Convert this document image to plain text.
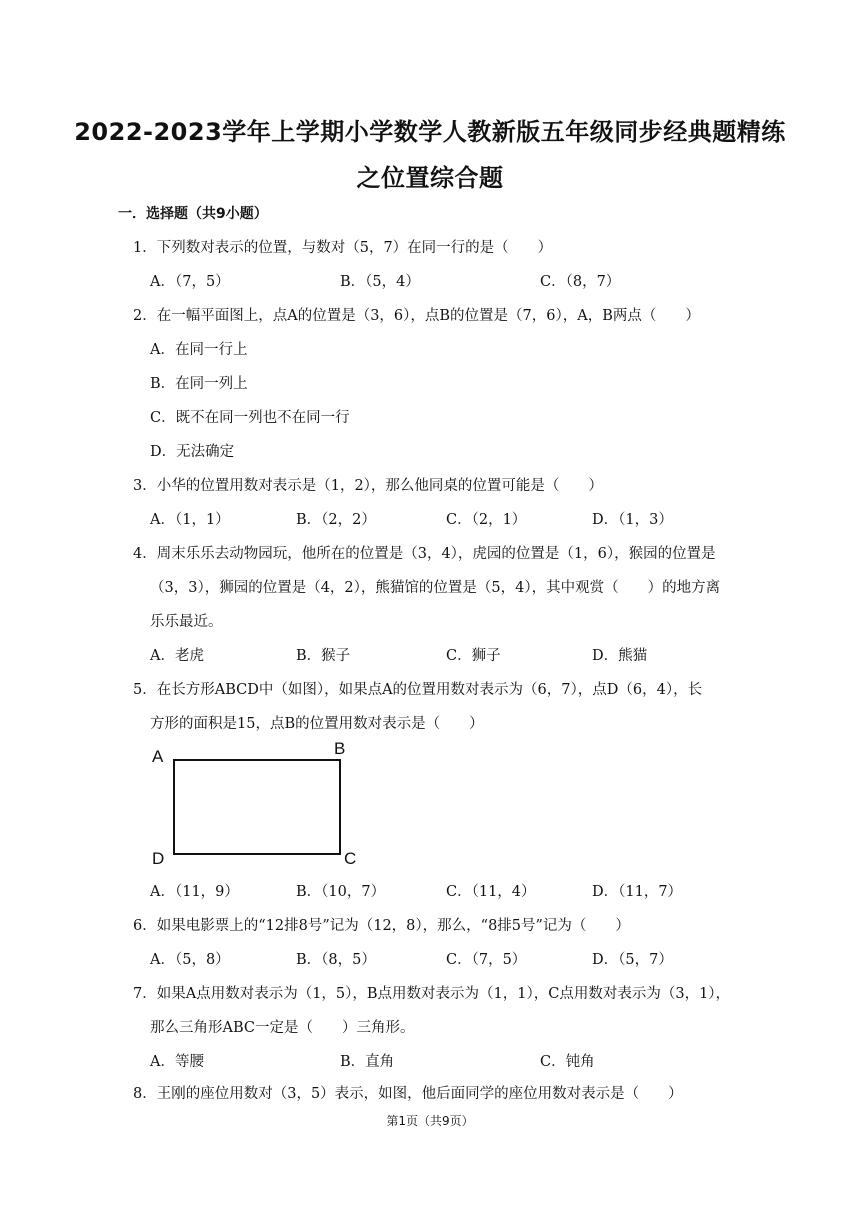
2022-2023学年上学期小学数学人教新版五年级同步经典题精练
之位置综合题
一．选择题（共9小题）
1．下列数对表示的位置，与数对（5，7）在同一行的是（　　）
A．（7，5）	B．（5，4）	C．（8，7）
2．在一幅平面图上，点A的位置是（3，6），点B的位置是（7，6），A，B两点（　　）
A．在同一行上
B．在同一列上
C．既不在同一列也不在同一行
D．无法确定
3．小华的位置用数对表示是（1，2），那么他同桌的位置可能是（　　）
A．（1，1）	B．（2，2）	C．（2，1）	D．（1，3）
4．周末乐乐去动物园玩，他所在的位置是（3，4），虎园的位置是（1，6），猴园的位置是
（3，3），狮园的位置是（4，2），熊猫馆的位置是（5，4），其中观赏（　　）的地方离
乐乐最近。
A．老虎	B．猴子	C．狮子	D．熊猫
5．在长方形ABCD中（如图），如果点A的位置用数对表示为（6，7），点D（6，4），长
方形的面积是15，点B的位置用数对表示是（　　）
A	B
D	C
A．（11，9）	B．（10，7）	C．（11，4）	D．（11，7）
6．如果电影票上的“12排8号”记为（12，8），那么，“8排5号”记为（　　）
A．（5，8）	B．（8，5）	C．（7，5）	D．（5，7）
7．如果A点用数对表示为（1，5），B点用数对表示为（1，1），C点用数对表示为（3，1），
那么三角形ABC一定是（　　）三角形。
A．等腰	B．直角	C．钝角
8．王刚的座位用数对（3，5）表示，如图，他后面同学的座位用数对表示是（　　）
第1页（共9页）
